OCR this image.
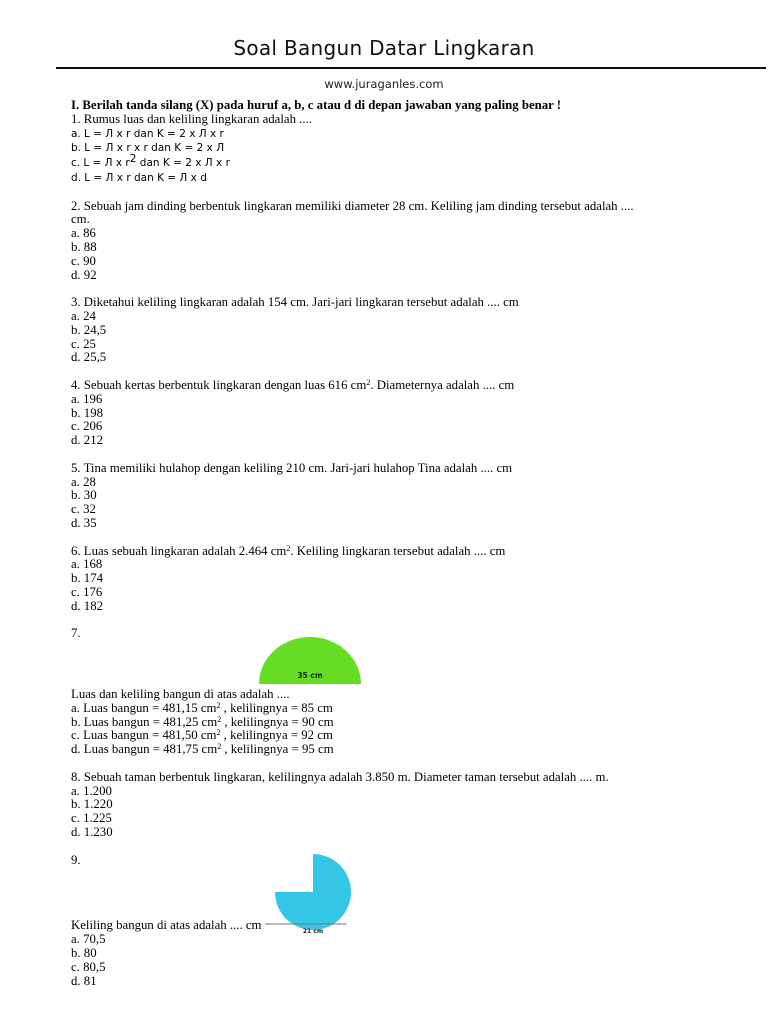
Soal Bangun Datar Lingkaran
www.juraganles.com
I. Berilah tanda silang (X) pada huruf a, b, c atau d di depan jawaban yang paling benar !
1. Rumus luas dan keliling lingkaran adalah ....
a. L = Л x r dan K = 2 x Л x r
b. L = Л x r x r dan K = 2 x Л
c. L = Л x $r^2$ dan K = 2 x Л x r
d. L = Л x r dan K = Л x d
2. Sebuah jam dinding berbentuk lingkaran memiliki diameter 28 cm. Keliling jam dinding tersebut adalah ....
cm.
a. 86
b. 88
c. 90
d. 92
3. Diketahui keliling lingkaran adalah 154 cm. Jari-jari lingkaran tersebut adalah .... cm
a. 24
b. 24,5
c. 25
d. 25,5
4. Sebuah kertas berbentuk lingkaran dengan luas 616 $cm^2$. Diameternya adalah .... cm
a. 196
b. 198
c. 206
d. 212
5. Tina memiliki hulahop dengan keliling 210 cm. Jari-jari hulahop Tina adalah .... cm
a. 28
b. 30
c. 32
d. 35
6. Luas sebuah lingkaran adalah 2.464 $cm^2$. Keliling lingkaran tersebut adalah .... cm
a. 168
b. 174
c. 176
d. 182
7.
35 cm
Luas dan keliling bangun di atas adalah ....
a. Luas bangun = 481,15 $cm^2$ , kelilingnya = 85 cm
b. Luas bangun = 481,25 $cm^2$ , kelilingnya = 90 cm
c. Luas bangun = 481,50 $cm^2$ , kelilingnya = 92 cm
d. Luas bangun = 481,75 $cm^2$ , kelilingnya = 95 cm
8. Sebuah taman berbentuk lingkaran, kelilingnya adalah 3.850 m. Diameter taman tersebut adalah .... m.
a. 1.200
b. 1.220
c. 1.225
d. 1.230
9.
21 cm
Keliling bangun di atas adalah .... cm
a. 70,5
b. 80
c. 80,5
d. 81
